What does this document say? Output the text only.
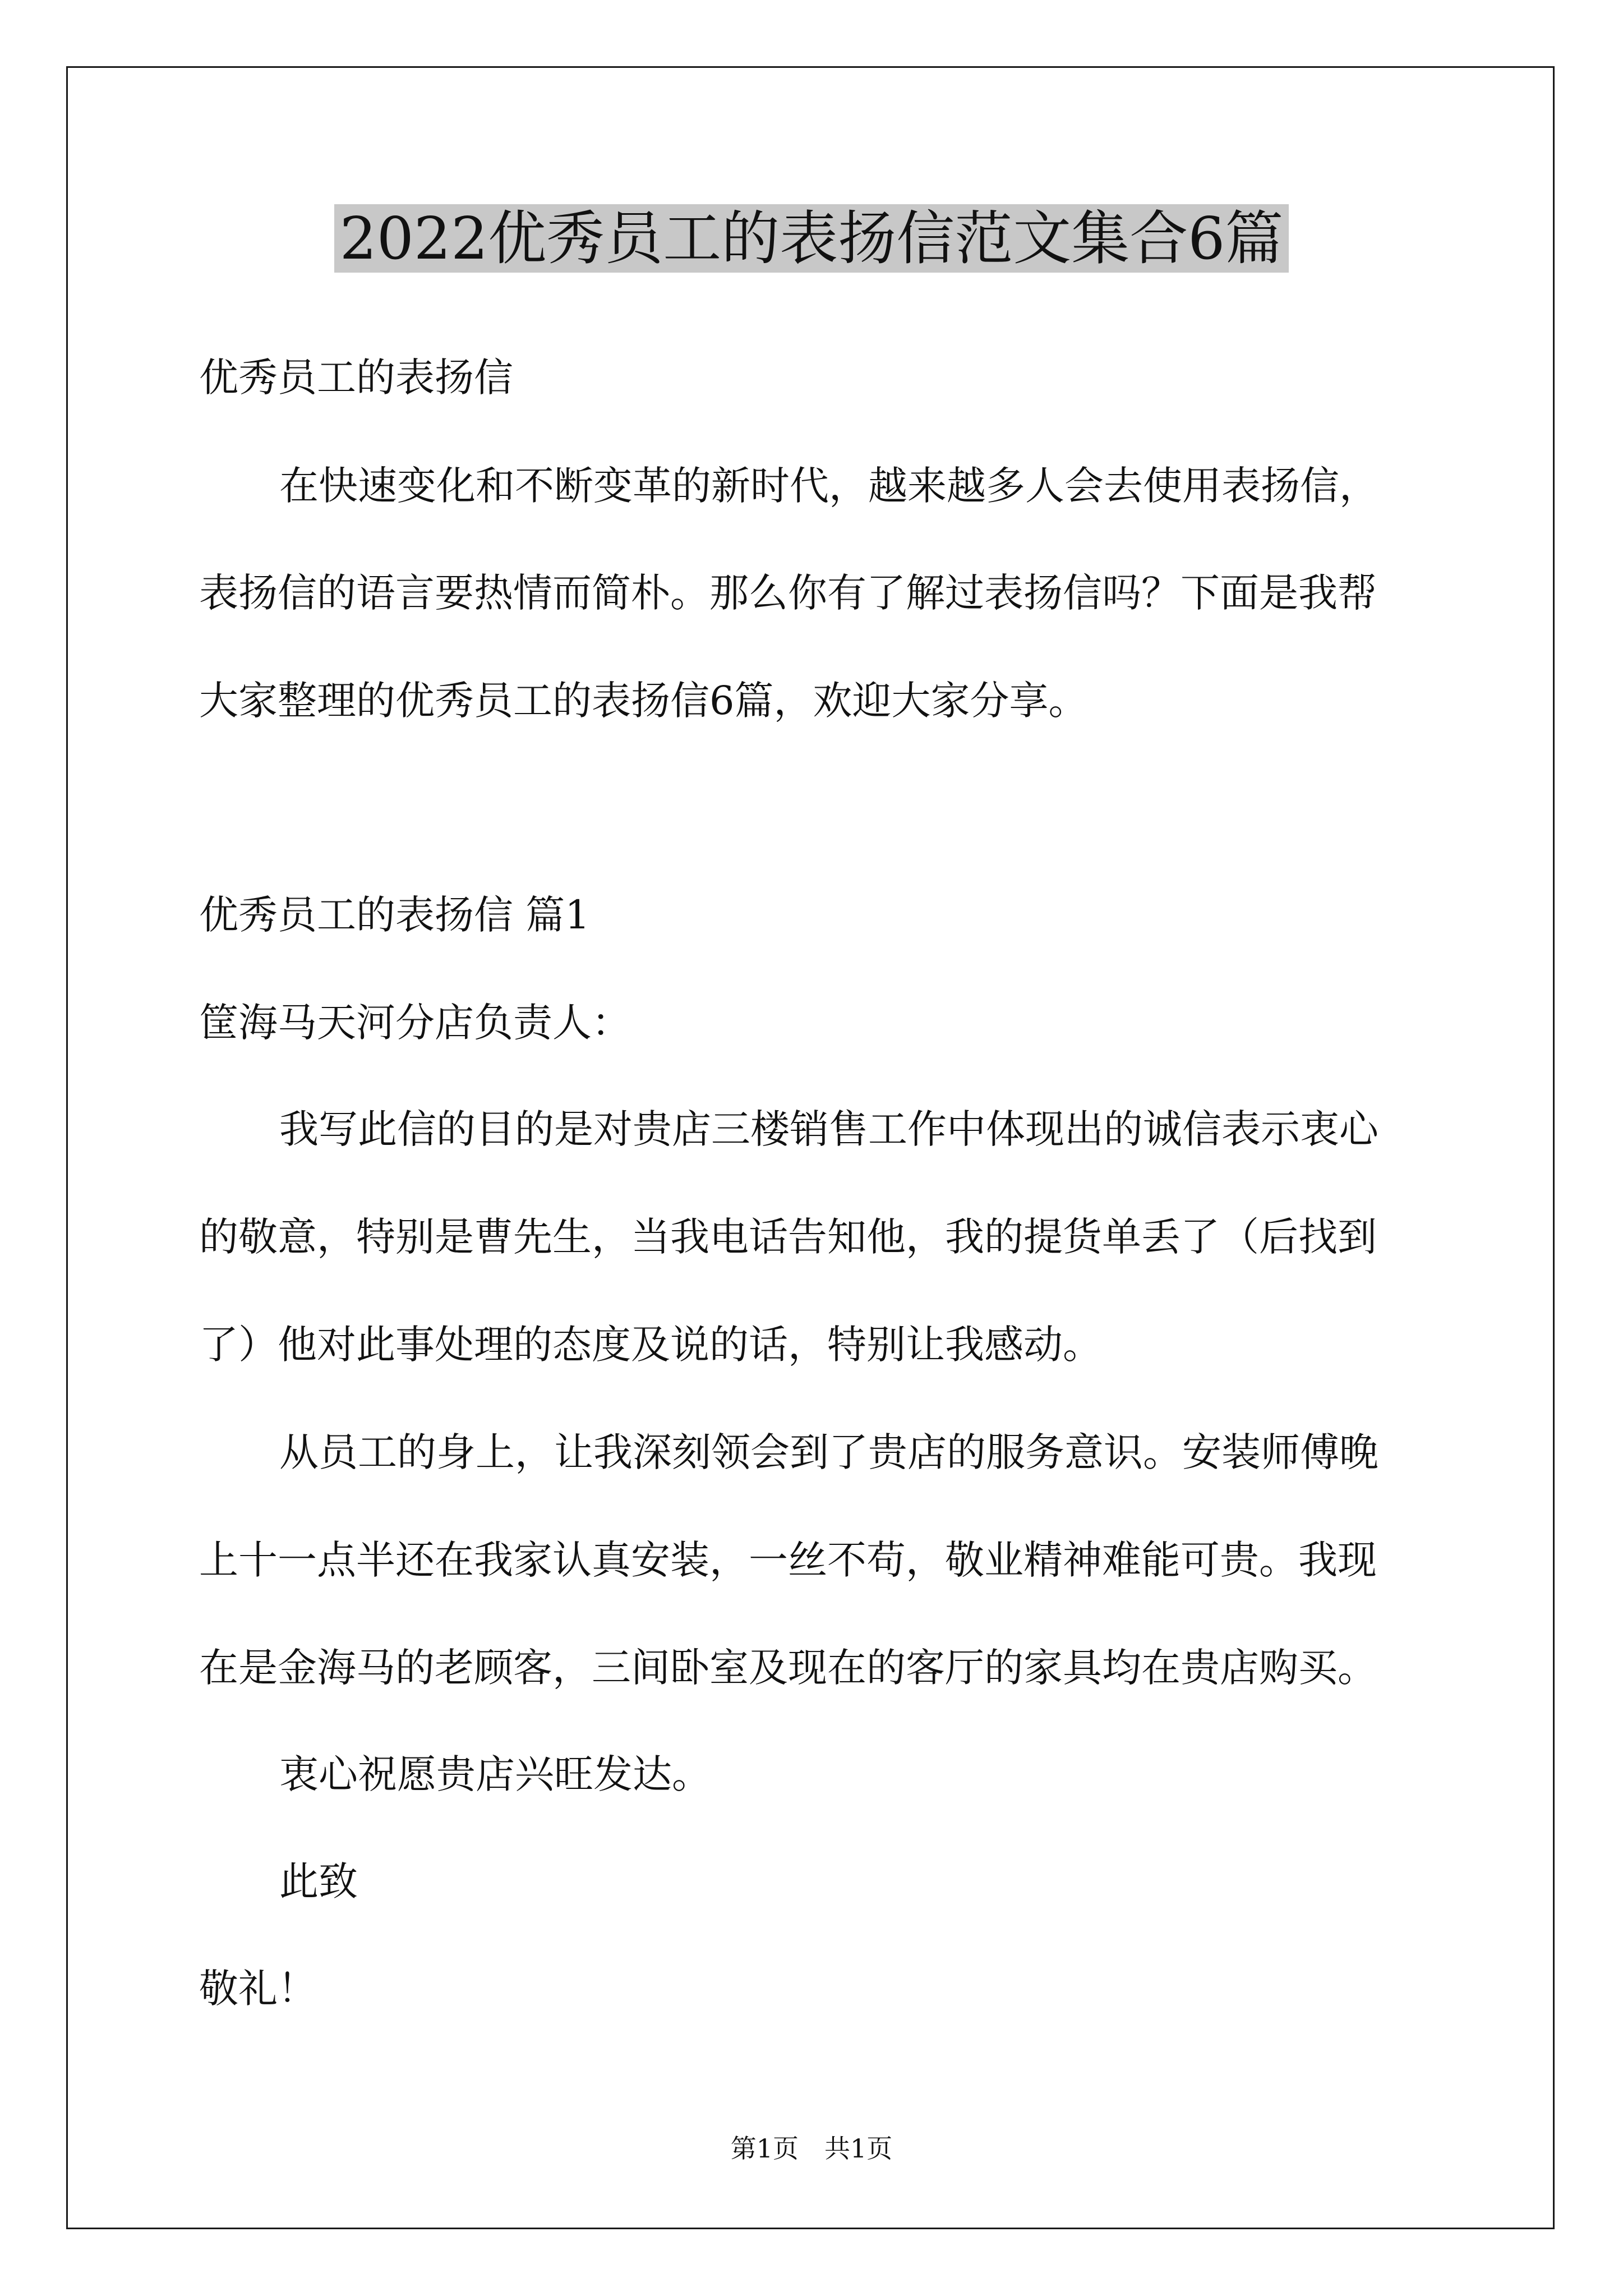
2022优秀员工的表扬信范文集合6篇
优秀员工的表扬信
在快速变化和不断变革的新时代，越来越多人会去使用表扬信，
表扬信的语言要热情而简朴。那么你有了解过表扬信吗？下面是我帮
大家整理的优秀员工的表扬信6篇，欢迎大家分享。
优秀员工的表扬信 篇1
筐海马天河分店负责人：
我写此信的目的是对贵店三楼销售工作中体现出的诚信表示衷心
的敬意，特别是曹先生，当我电话告知他，我的提货单丢了（后找到
了）他对此事处理的态度及说的话，特别让我感动。
从员工的身上，让我深刻领会到了贵店的服务意识。安装师傅晚
上十一点半还在我家认真安装，一丝不苟，敬业精神难能可贵。我现
在是金海马的老顾客，三间卧室及现在的客厅的家具均在贵店购买。
衷心祝愿贵店兴旺发达。
此致
敬礼！
第1页　共1页
